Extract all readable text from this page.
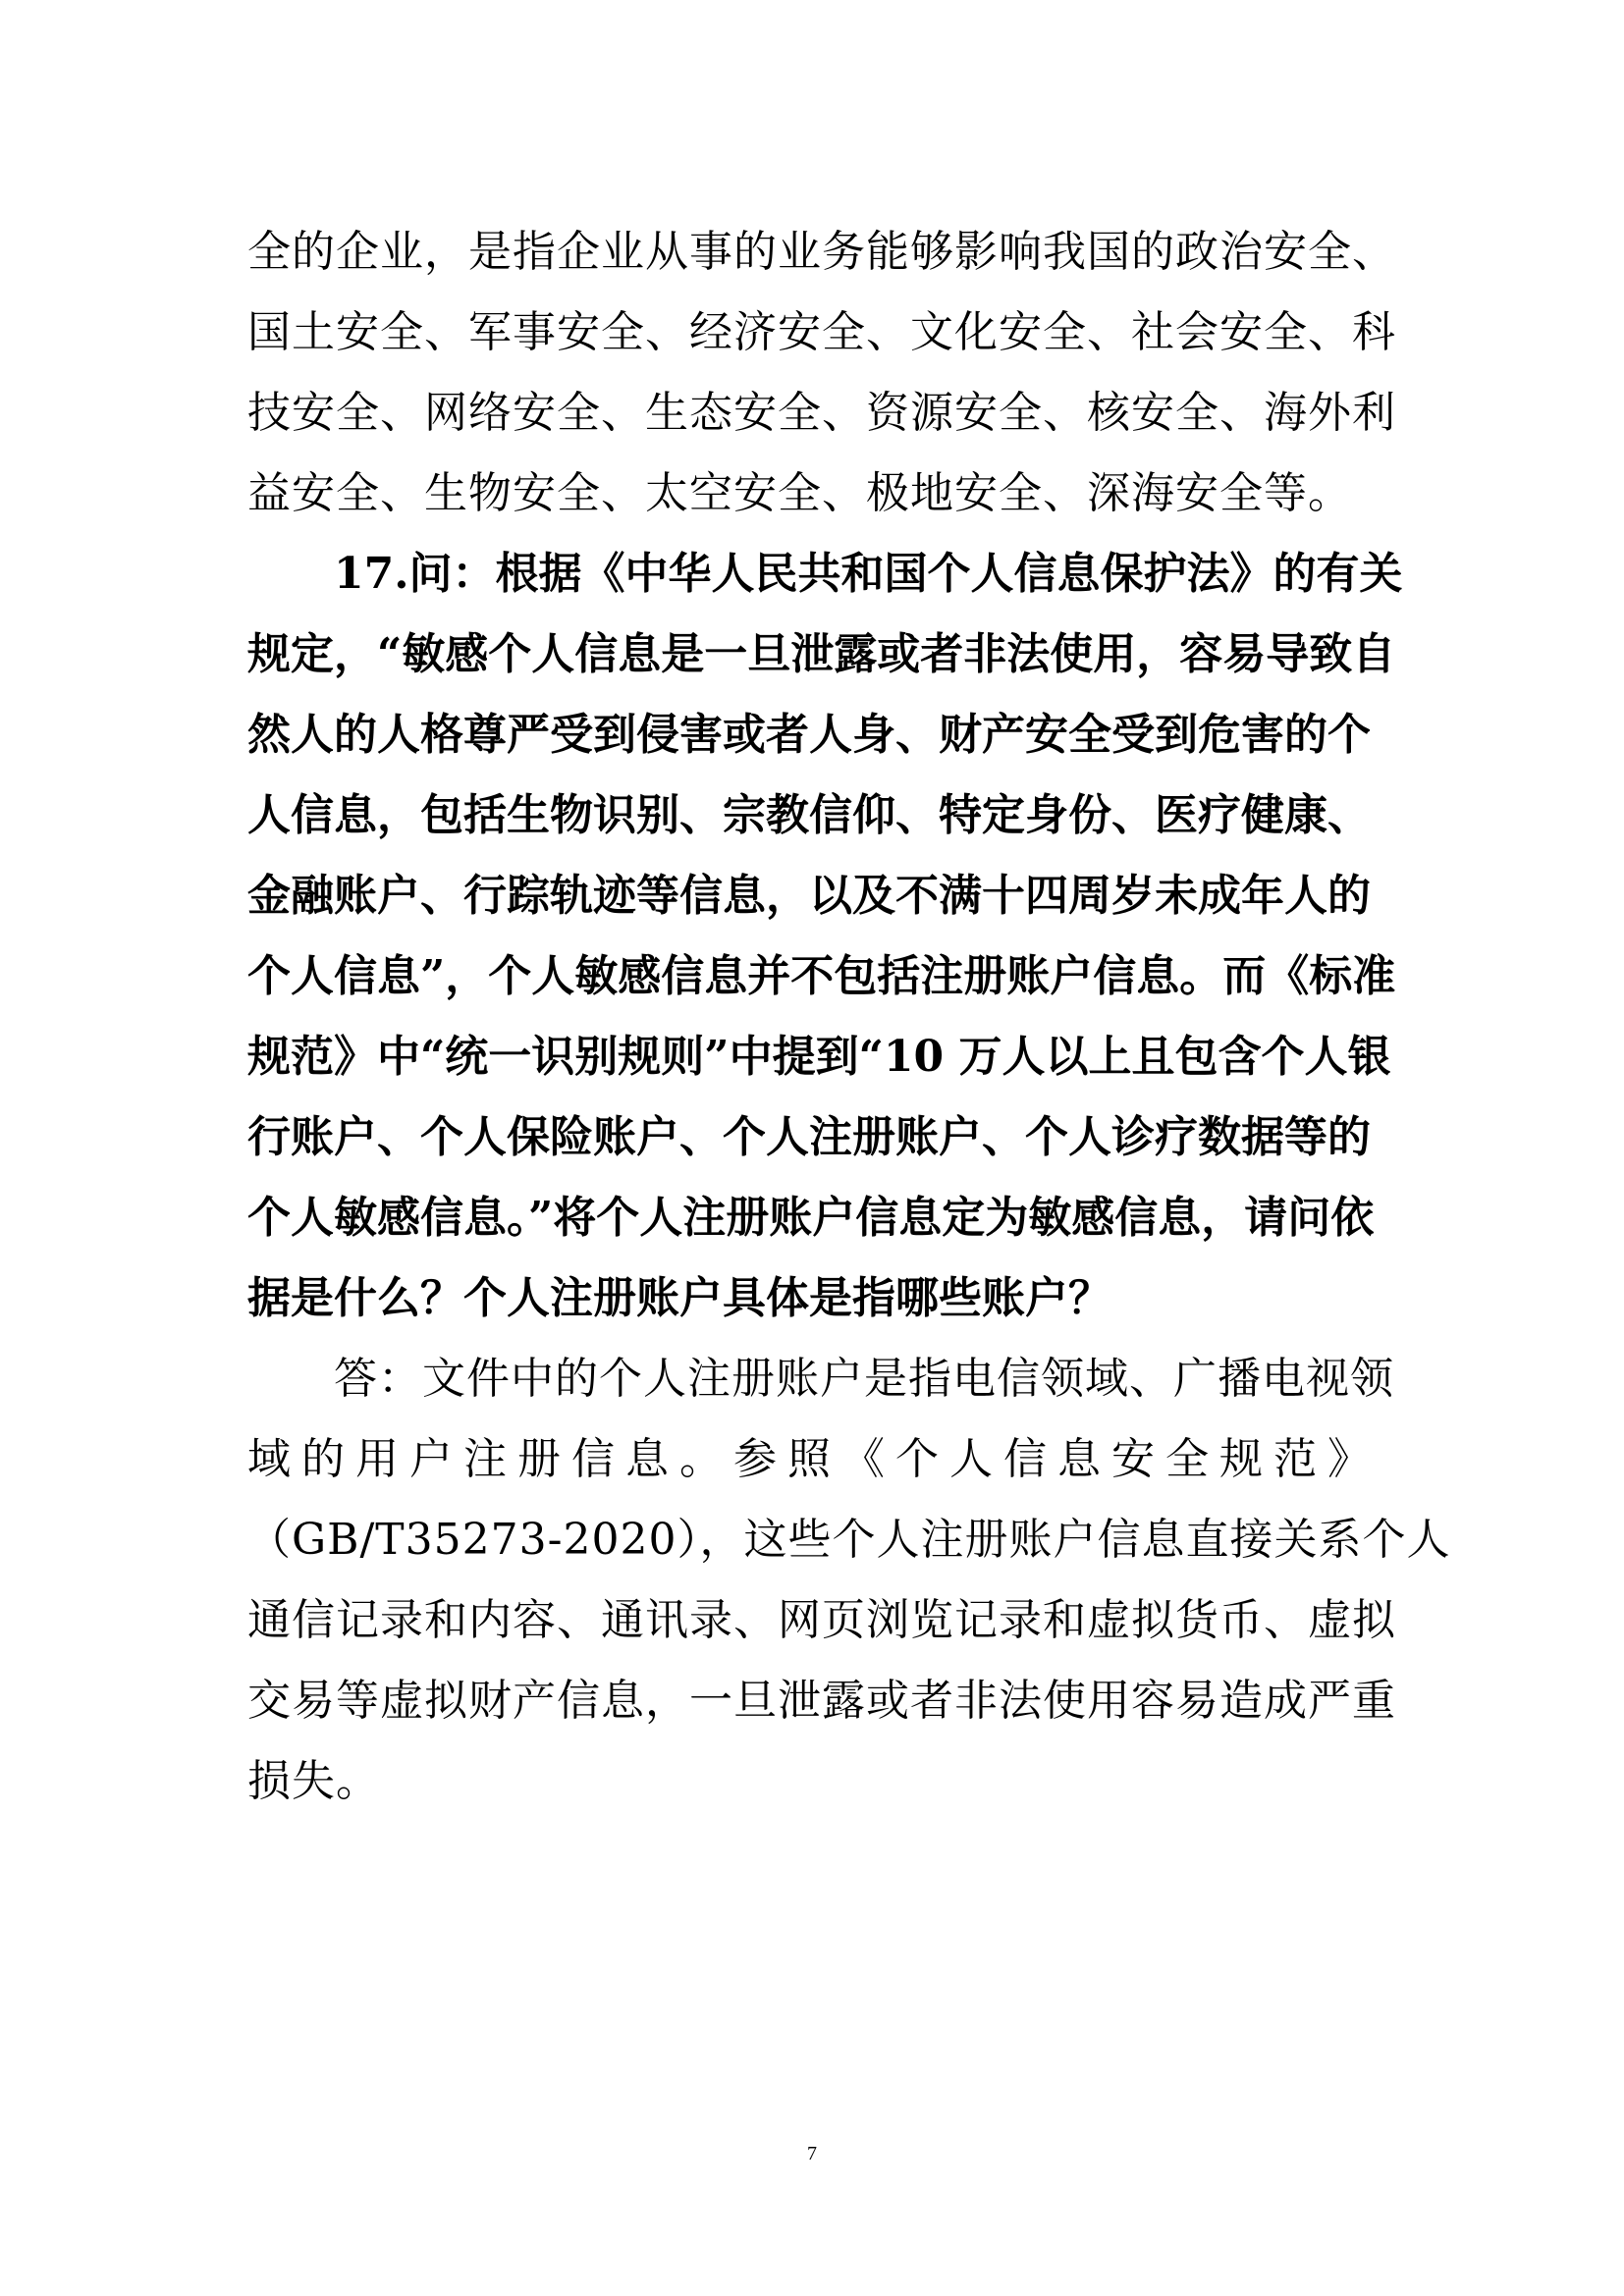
全的企业，是指企业从事的业务能够影响我国的政治安全、
国土安全、军事安全、经济安全、文化安全、社会安全、科
技安全、网络安全、生态安全、资源安全、核安全、海外利
益安全、生物安全、太空安全、极地安全、深海安全等。
17.问：根据《中华人民共和国个人信息保护法》的有关
规定，“敏感个人信息是一旦泄露或者非法使用，容易导致自
然人的人格尊严受到侵害或者人身、财产安全受到危害的个
人信息，包括生物识别、宗教信仰、特定身份、医疗健康、
金融账户、行踪轨迹等信息，以及不满十四周岁未成年人的
个人信息”，个人敏感信息并不包括注册账户信息。而《标准
规范》中“统一识别规则”中提到“10 万人以上且包含个人银
行账户、个人保险账户、个人注册账户、个人诊疗数据等的
个人敏感信息。”将个人注册账户信息定为敏感信息，请问依
据是什么？个人注册账户具体是指哪些账户？
答：文件中的个人注册账户是指电信领域、广播电视领
域的用户注册信息。参照《个人信息安全规范》
（GB/T35273-2020），这些个人注册账户信息直接关系个人
通信记录和内容、通讯录、网页浏览记录和虚拟货币、虚拟
交易等虚拟财产信息，一旦泄露或者非法使用容易造成严重
损失。
7
